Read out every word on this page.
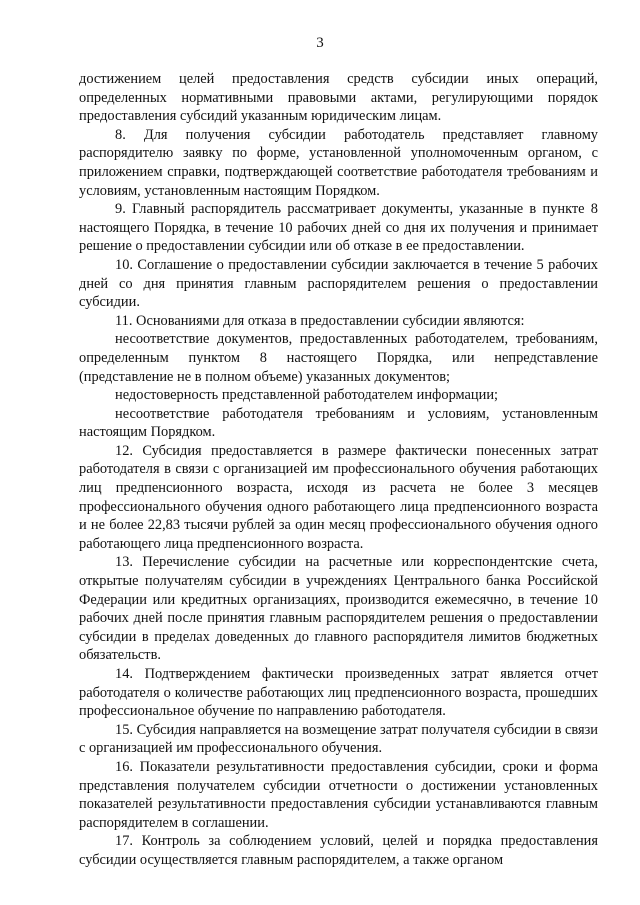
3

достижением целей предоставления средств субсидии иных операций, определенных нормативными правовыми актами, регулирующими порядок предоставления субсидий указанным юридическим лицам.

8. Для получения субсидии работодатель представляет главному распорядителю заявку по форме, установленной уполномоченным органом, с приложением справки, подтверждающей соответствие работодателя требованиям и условиям, установленным настоящим Порядком.

9. Главный распорядитель рассматривает документы, указанные в пункте 8 настоящего Порядка, в течение 10 рабочих дней со дня их получения и принимает решение о предоставлении субсидии или об отказе в ее предоставлении.

10. Соглашение о предоставлении субсидии заключается в течение 5 рабочих дней со дня принятия главным распорядителем решения о предоставлении субсидии.

11. Основаниями для отказа в предоставлении субсидии являются:

несоответствие документов, предоставленных работодателем, требованиям, определенным пунктом 8 настоящего Порядка, или непредставление (представление не в полном объеме) указанных документов;

недостоверность представленной работодателем информации;

несоответствие работодателя требованиям и условиям, установленным настоящим Порядком.

12. Субсидия предоставляется в размере фактически понесенных затрат работодателя в связи с организацией им профессионального обучения работающих лиц предпенсионного возраста, исходя из расчета не более 3 месяцев профессионального обучения одного работающего лица предпенсионного возраста и не более 22,83 тысячи рублей за один месяц профессионального обучения одного работающего лица предпенсионного возраста.

13. Перечисление субсидии на расчетные или корреспондентские счета, открытые получателям субсидии в учреждениях Центрального банка Российской Федерации или кредитных организациях, производится ежемесячно, в течение 10 рабочих дней после принятия главным распорядителем решения о предоставлении субсидии в пределах доведенных до главного распорядителя лимитов бюджетных обязательств.

14. Подтверждением фактически произведенных затрат является отчет работодателя о количестве работающих лиц предпенсионного возраста, прошедших профессиональное обучение по направлению работодателя.

15. Субсидия направляется на возмещение затрат получателя субсидии в связи с организацией им профессионального обучения.

16. Показатели результативности предоставления субсидии, сроки и форма представления получателем субсидии отчетности о достижении установленных показателей результативности предоставления субсидии устанавливаются главным распорядителем в соглашении.

17. Контроль за соблюдением условий, целей и порядка предоставления субсидии осуществляется главным распорядителем, а также органом
